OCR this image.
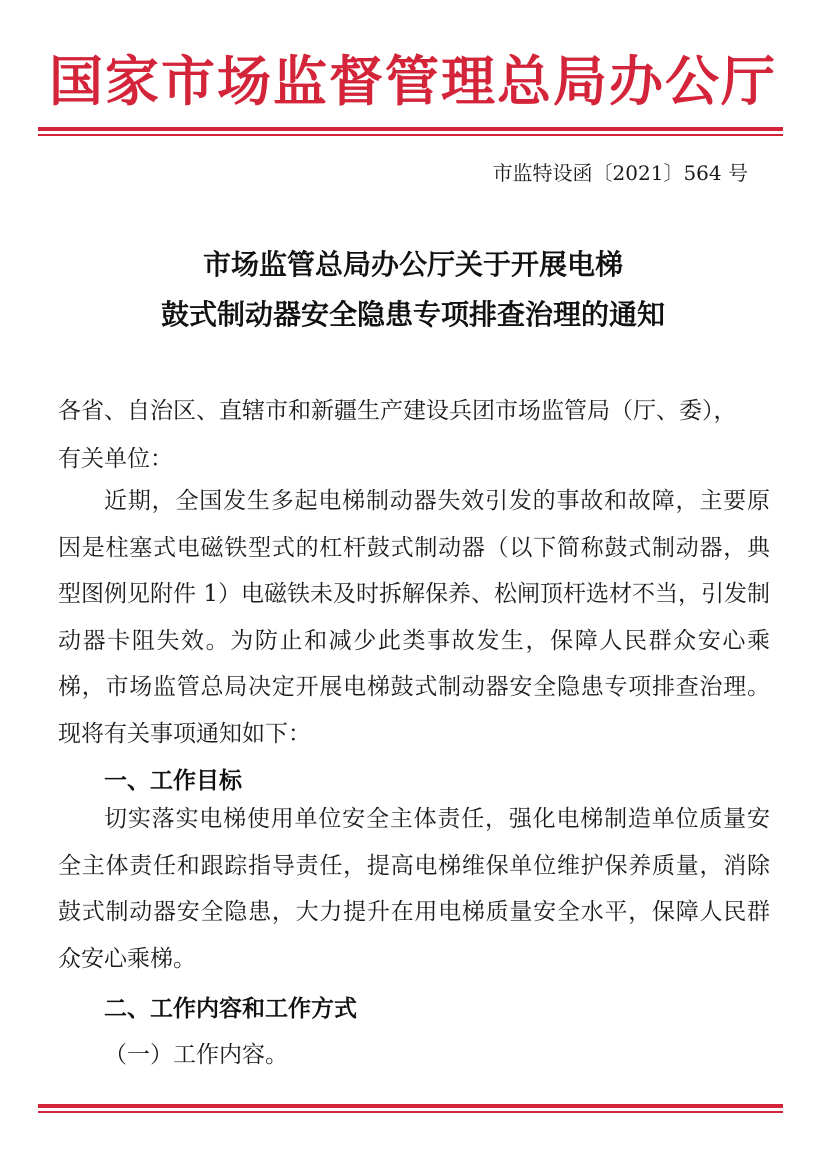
国家市场监督管理总局办公厅
市监特设函〔2021〕564 号
市场监管总局办公厅关于开展电梯
鼓式制动器安全隐患专项排查治理的通知
各省、自治区、直辖市和新疆生产建设兵团市场监管局（厅、委），
有关单位：
近期，全国发生多起电梯制动器失效引发的事故和故障，主要原因是柱塞式电磁铁型式的杠杆鼓式制动器（以下简称鼓式制动器，典型图例见附件 1）电磁铁未及时拆解保养、松闸顶杆选材不当，引发制动器卡阻失效。为防止和减少此类事故发生，保障人民群众安心乘梯，市场监管总局决定开展电梯鼓式制动器安全隐患专项排查治理。现将有关事项通知如下：
一、工作目标
切实落实电梯使用单位安全主体责任，强化电梯制造单位质量安全主体责任和跟踪指导责任，提高电梯维保单位维护保养质量，消除鼓式制动器安全隐患，大力提升在用电梯质量安全水平，保障人民群众安心乘梯。
二、工作内容和工作方式
（一）工作内容。
